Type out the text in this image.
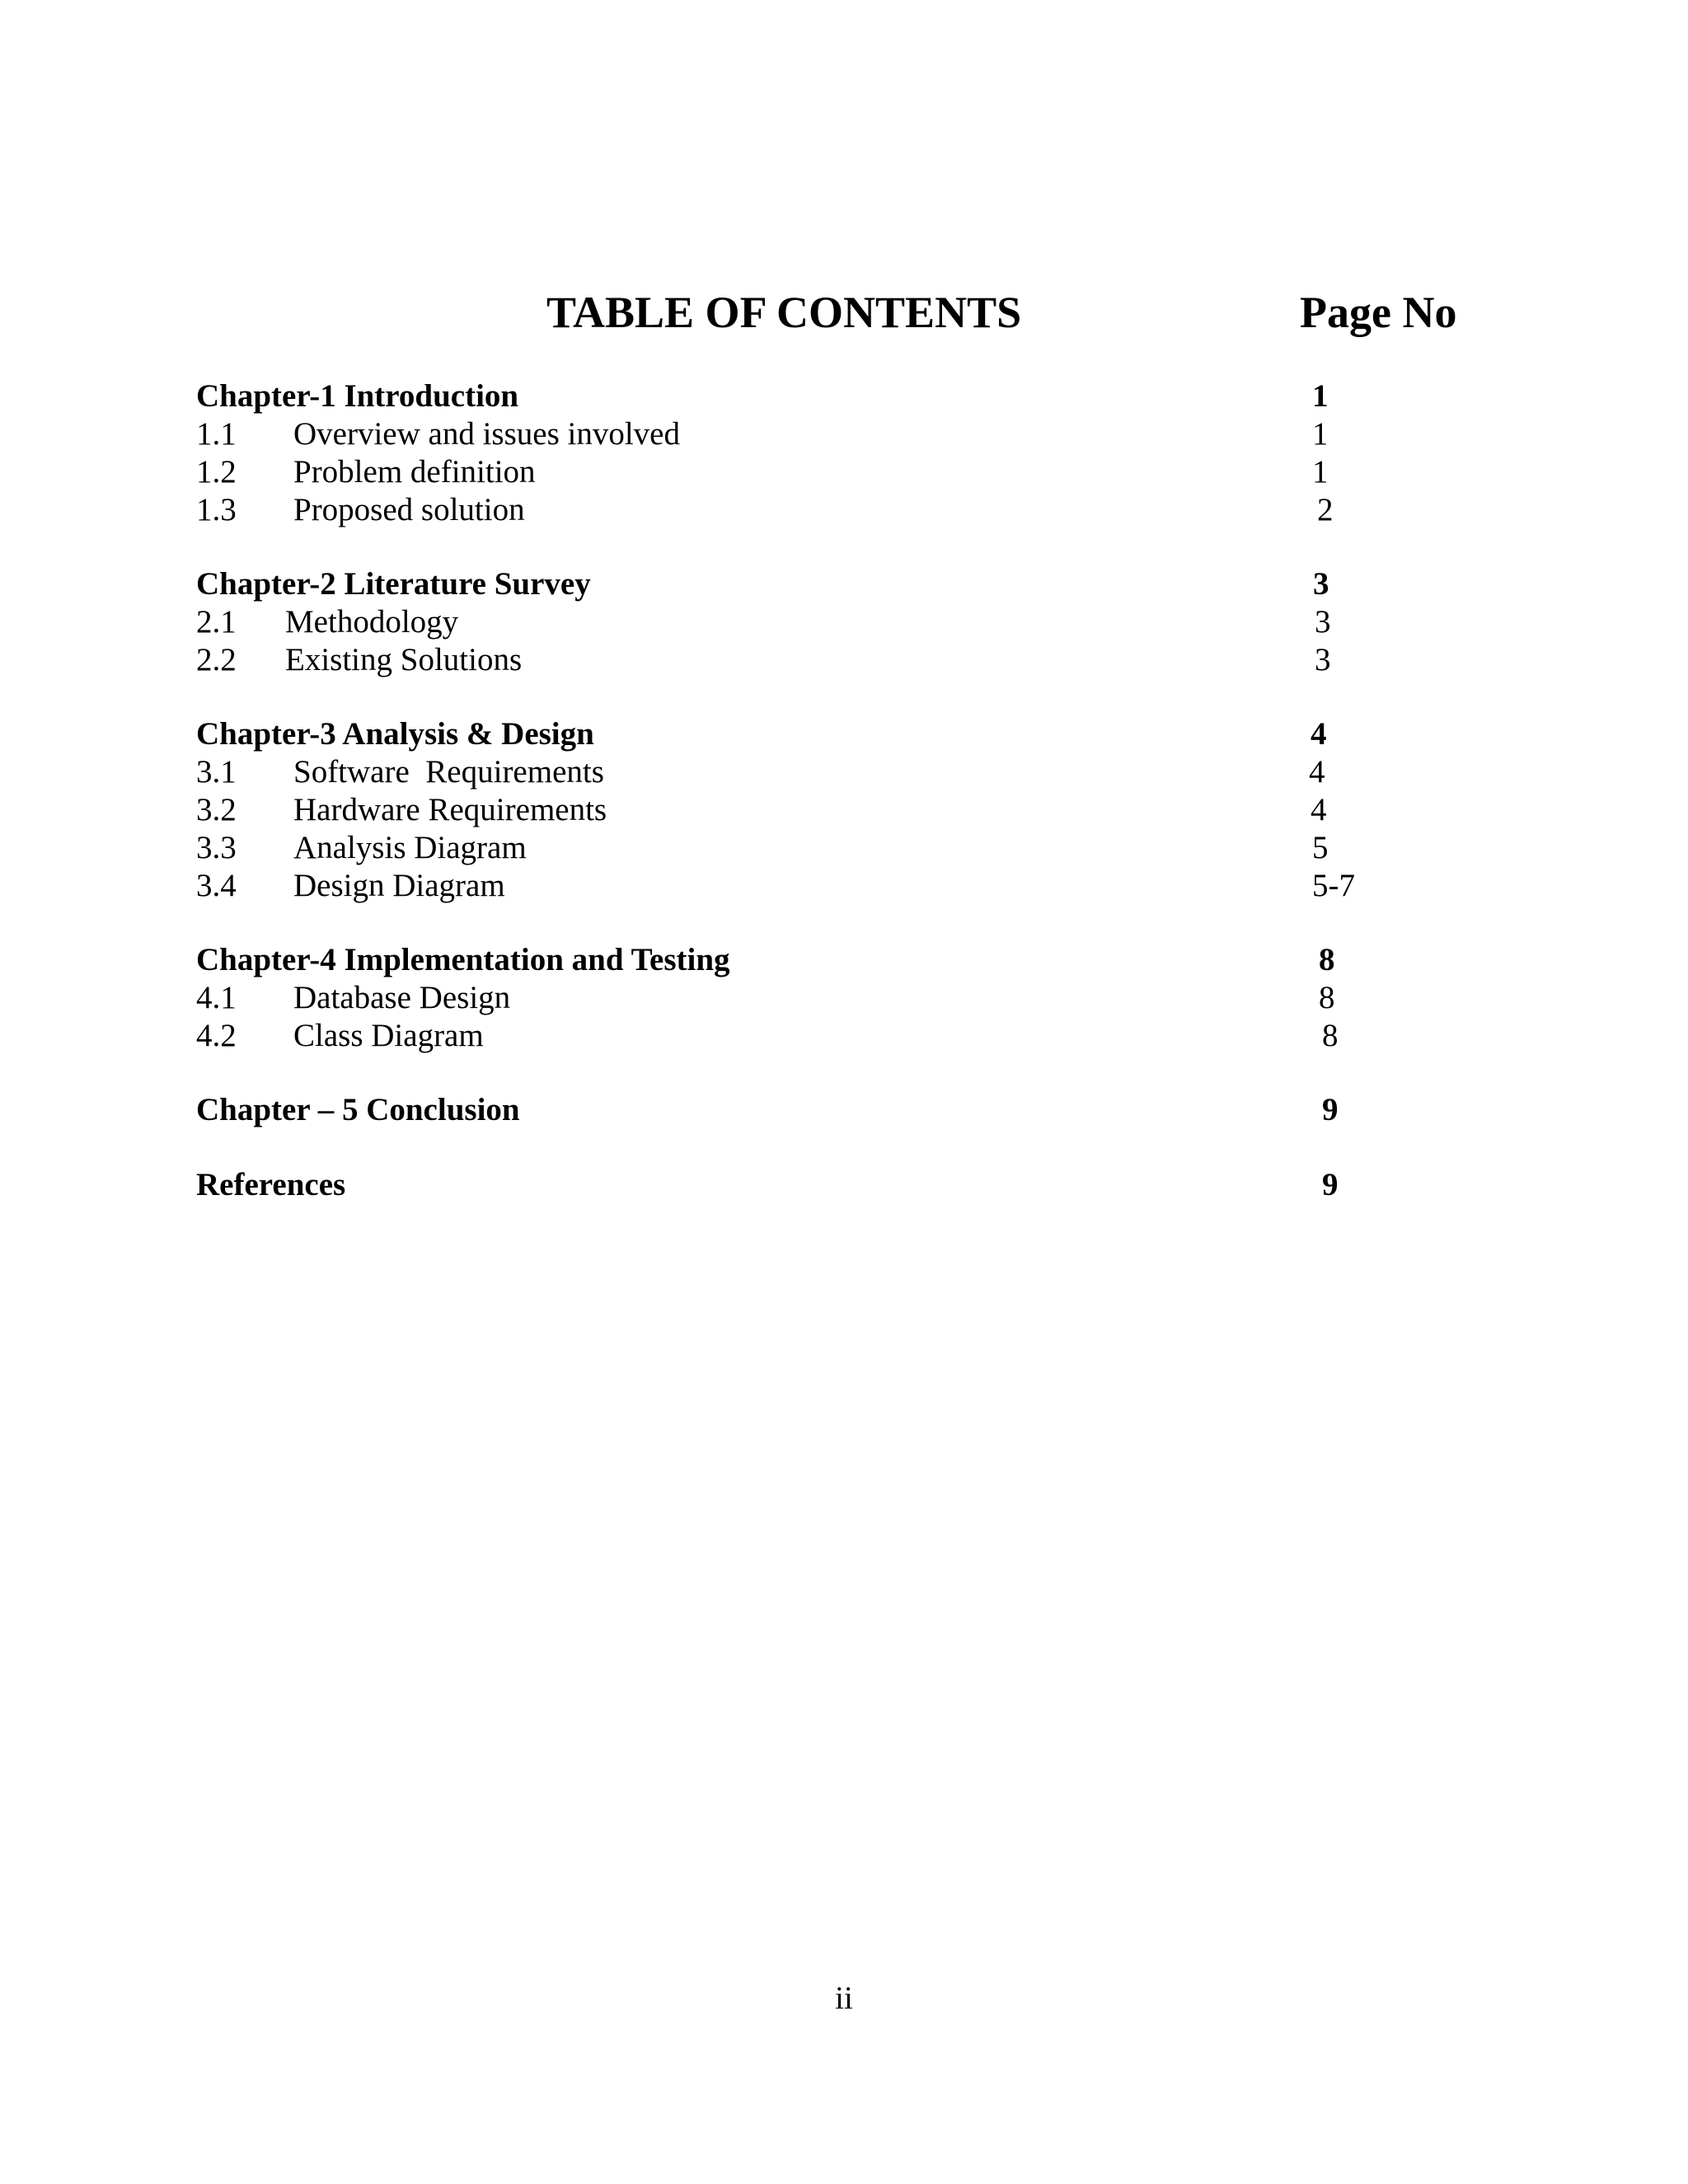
TABLE OF CONTENTS	Page No
Chapter-1 Introduction	1
1.1 Overview and issues involved	1
1.2 Problem definition	1
1.3 Proposed solution	2
Chapter-2 Literature Survey	3
2.1 Methodology	3
2.2 Existing Solutions	3
Chapter-3 Analysis & Design	4
3.1 Software  Requirements	4
3.2 Hardware Requirements	4
3.3 Analysis Diagram	5
3.4 Design Diagram	5-7
Chapter-4 Implementation and Testing	8
4.1 Database Design	8
4.2 Class Diagram	8
Chapter – 5 Conclusion	9
References	9
ii
